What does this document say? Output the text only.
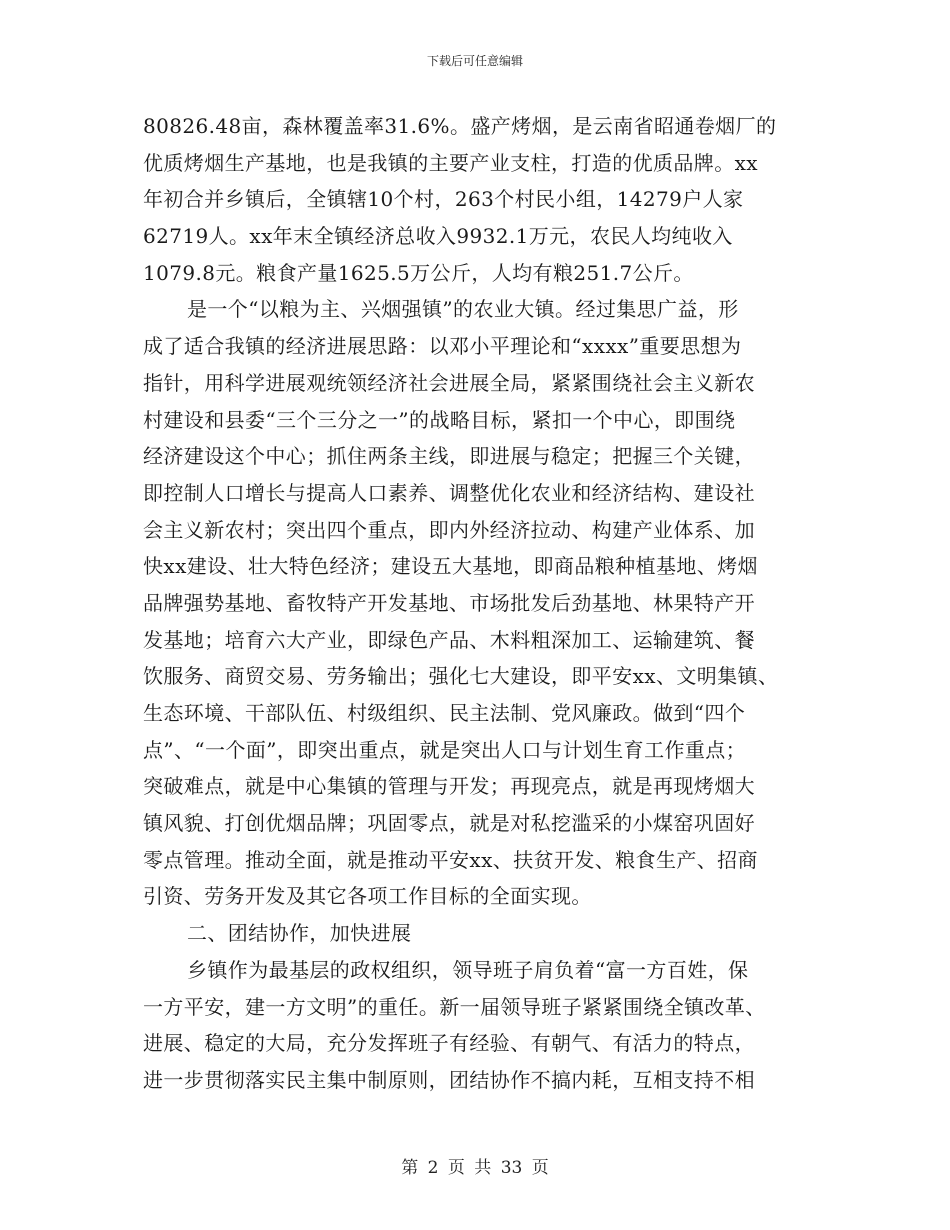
下载后可任意编辑
80826.48亩，森林覆盖率31.6%。盛产烤烟，是云南省昭通卷烟厂的
优质烤烟生产基地，也是我镇的主要产业支柱，打造的优质品牌。xx
年初合并乡镇后，全镇辖10个村，263个村民小组，14279户人家
62719人。xx年末全镇经济总收入9932.1万元，农民人均纯收入
1079.8元。粮食产量1625.5万公斤，人均有粮251.7公斤。
是一个“以粮为主、兴烟强镇”的农业大镇。经过集思广益，形
成了适合我镇的经济进展思路：以邓小平理论和“xxxx”重要思想为
指针，用科学进展观统领经济社会进展全局，紧紧围绕社会主义新农
村建设和县委“三个三分之一”的战略目标，紧扣一个中心，即围绕
经济建设这个中心；抓住两条主线，即进展与稳定；把握三个关键，
即控制人口增长与提高人口素养、调整优化农业和经济结构、建设社
会主义新农村；突出四个重点，即内外经济拉动、构建产业体系、加
快xx建设、壮大特色经济；建设五大基地，即商品粮种植基地、烤烟
品牌强势基地、畜牧特产开发基地、市场批发后劲基地、林果特产开
发基地；培育六大产业，即绿色产品、木料粗深加工、运输建筑、餐
饮服务、商贸交易、劳务输出；强化七大建设，即平安xx、文明集镇、
生态环境、干部队伍、村级组织、民主法制、党风廉政。做到“四个
点”、“一个面”，即突出重点，就是突出人口与计划生育工作重点；
突破难点，就是中心集镇的管理与开发；再现亮点，就是再现烤烟大
镇风貌、打创优烟品牌；巩固零点，就是对私挖滥采的小煤窑巩固好
零点管理。推动全面，就是推动平安xx、扶贫开发、粮食生产、招商
引资、劳务开发及其它各项工作目标的全面实现。
二、团结协作，加快进展
乡镇作为最基层的政权组织，领导班子肩负着“富一方百姓，保
一方平安，建一方文明”的重任。新一届领导班子紧紧围绕全镇改革、
进展、稳定的大局，充分发挥班子有经验、有朝气、有活力的特点，
进一步贯彻落实民主集中制原则，团结协作不搞内耗，互相支持不相
第 2 页 共 33 页
